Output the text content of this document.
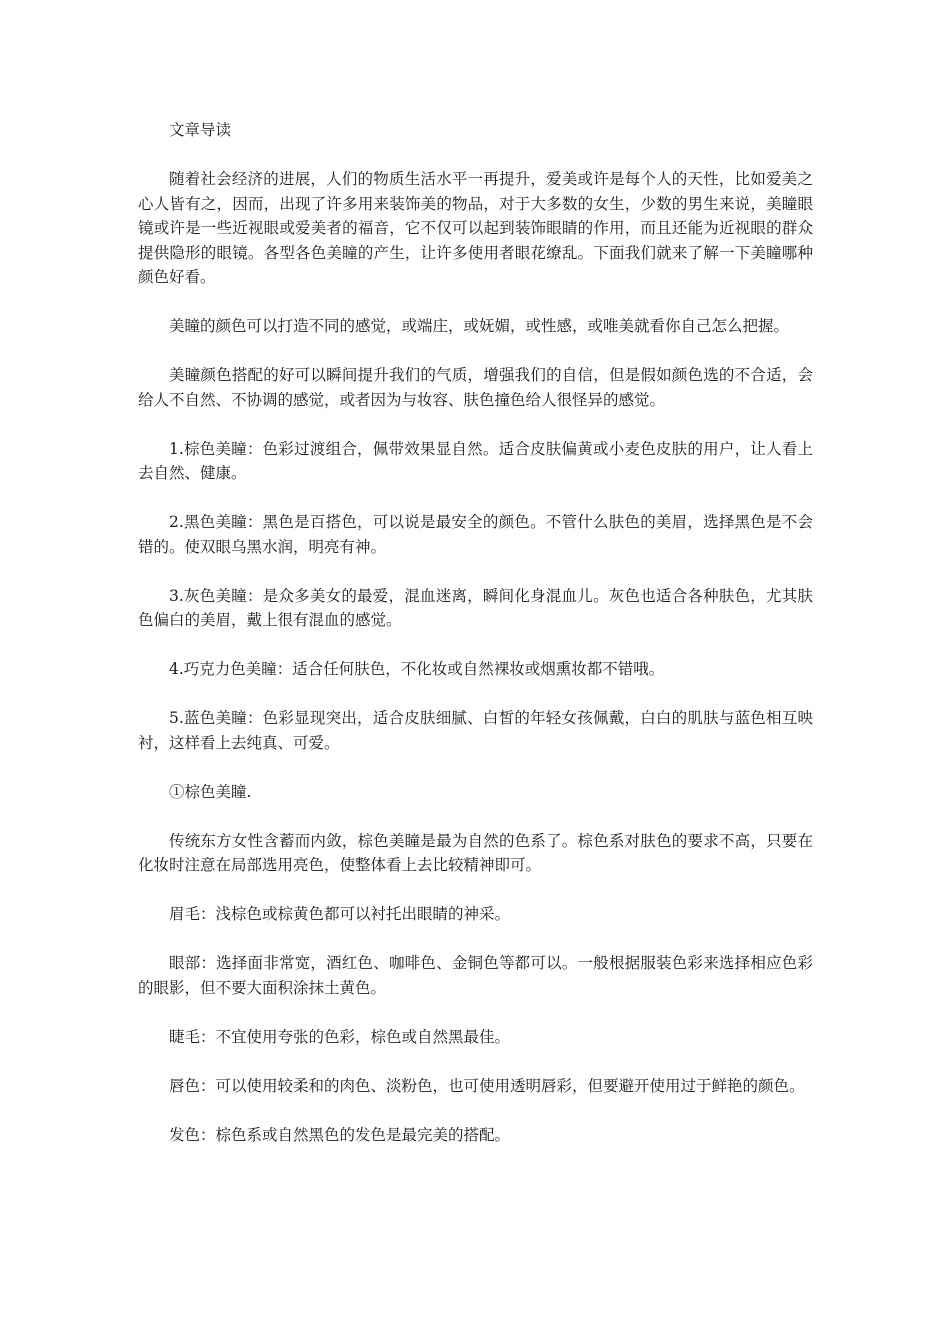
文章导读

随着社会经济的进展，人们的物质生活水平一再提升，爱美或许是每个人的天性，比如爱美之心人皆有之，因而，出现了许多用来装饰美的物品，对于大多数的女生，少数的男生来说，美瞳眼镜或许是一些近视眼或爱美者的福音，它不仅可以起到装饰眼睛的作用，而且还能为近视眼的群众提供隐形的眼镜。各型各色美瞳的产生，让许多使用者眼花缭乱。下面我们就来了解一下美瞳哪种颜色好看。

美瞳的颜色可以打造不同的感觉，或端庄，或妩媚，或性感，或唯美就看你自己怎么把握。

美瞳颜色搭配的好可以瞬间提升我们的气质，增强我们的自信，但是假如颜色选的不合适，会给人不自然、不协调的感觉，或者因为与妆容、肤色撞色给人很怪异的感觉。

1.棕色美瞳：色彩过渡组合，佩带效果显自然。适合皮肤偏黄或小麦色皮肤的用户，让人看上去自然、健康。

2.黑色美瞳：黑色是百搭色，可以说是最安全的颜色。不管什么肤色的美眉，选择黑色是不会错的。使双眼乌黑水润，明亮有神。

3.灰色美瞳：是众多美女的最爱，混血迷离，瞬间化身混血儿。灰色也适合各种肤色，尤其肤色偏白的美眉，戴上很有混血的感觉。

4.巧克力色美瞳：适合任何肤色，不化妆或自然裸妆或烟熏妆都不错哦。

5.蓝色美瞳：色彩显现突出，适合皮肤细腻、白皙的年轻女孩佩戴，白白的肌肤与蓝色相互映衬，这样看上去纯真、可爱。

①棕色美瞳.

传统东方女性含蓄而内敛，棕色美瞳是最为自然的色系了。棕色系对肤色的要求不高，只要在化妆时注意在局部选用亮色，使整体看上去比较精神即可。

眉毛：浅棕色或棕黄色都可以衬托出眼睛的神采。

眼部：选择面非常宽，酒红色、咖啡色、金铜色等都可以。一般根据服装色彩来选择相应色彩的眼影，但不要大面积涂抹土黄色。

睫毛：不宜使用夸张的色彩，棕色或自然黑最佳。

唇色：可以使用较柔和的肉色、淡粉色，也可使用透明唇彩，但要避开使用过于鲜艳的颜色。

发色：棕色系或自然黑色的发色是最完美的搭配。
